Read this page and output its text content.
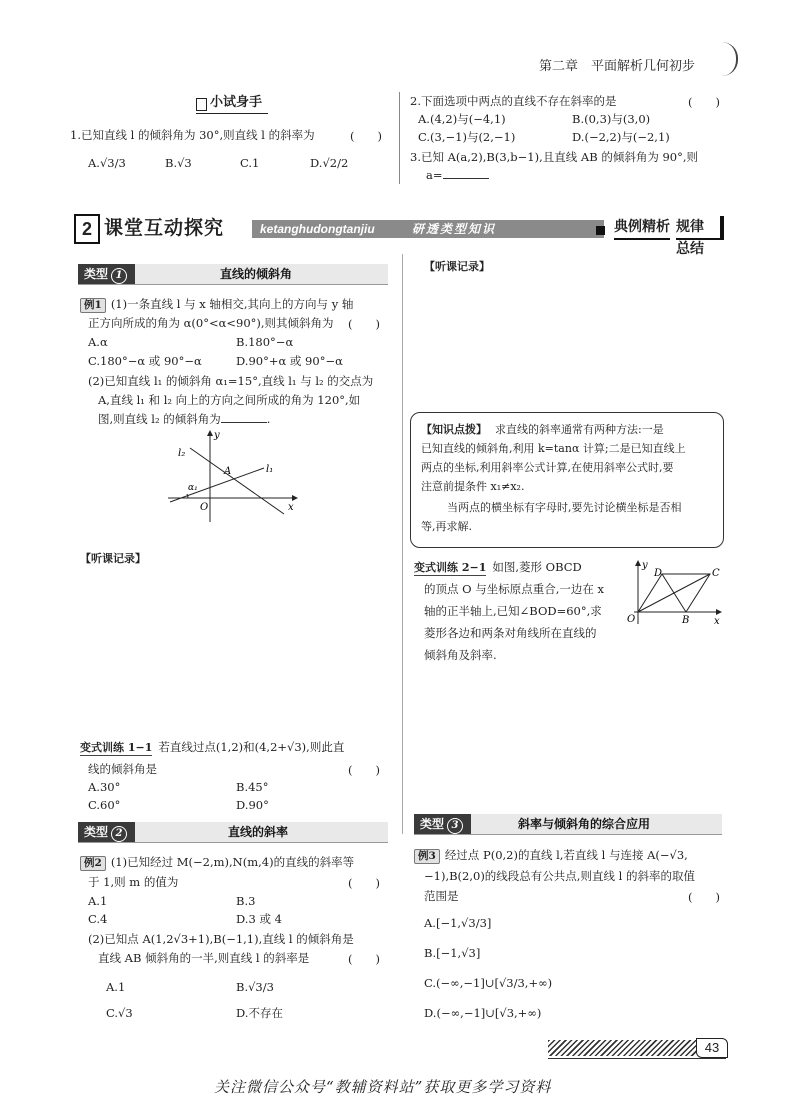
第二章　平面解析几何初步
小试身手
1.已知直线 l 的倾斜角为 30°,则直线 l 的斜率为	(　　)
A.√3/3	B.√3	C.1	D.√2/2
2.下面选项中两点的直线不存在斜率的是	(　　)
A.(4,2)与(−4,1)	B.(0,3)与(3,0)
C.(3,−1)与(2,−1)	D.(−2,2)与(−2,1)
3.已知 A(a,2),B(3,b−1),且直线 AB 的倾斜角为 90°,则
a=
2 课堂互动探究	ketanghudongtanjiu	研透类型知识	典例精析 规律总结
类型 1	直线的倾斜角
例1 (1)一条直线 l 与 x 轴相交,其向上的方向与 y 轴
正方向所成的角为 α(0°<α<90°),则其倾斜角为 (　　)
A.α	B.180°−α
C.180°−α 或 90°−α	D.90°+α 或 90°−α
(2)已知直线 l₁ 的倾斜角 α₁=15°,直线 l₁ 与 l₂ 的交点为
A,直线 l₁ 和 l₂ 向上的方向之间所成的角为 120°,如
图,则直线 l₂ 的倾斜角为	.
y
x
O
A	l₁
l₂
α₁
【听课记录】
变式训练 1−1 若直线过点(1,2)和(4,2+√3),则此直
线的倾斜角是	(　　)
A.30°	B.45°
C.60°	D.90°
类型 2	直线的斜率
例2 (1)已知经过 M(−2,m),N(m,4)的直线的斜率等
于 1,则 m 的值为	(　　)
A.1	B.3
C.4	D.3 或 4
(2)已知点 A(1,2√3+1),B(−1,1),直线 l 的倾斜角是
直线 AB 倾斜角的一半,则直线 l 的斜率是	(　　)
A.1	B.√3/3
C.√3	D.不存在
【听课记录】
【知识点拨】 求直线的斜率通常有两种方法:一是
已知直线的倾斜角,利用 k=tanα 计算;二是已知直线上
两点的坐标,利用斜率公式计算,在使用斜率公式时,要
注意前提条件 x₁≠x₂.
当两点的横坐标有字母时,要先讨论横坐标是否相
等,再求解.
变式训练 2−1 如图,菱形 OBCD
的顶点 O 与坐标原点重合,一边在 x
轴的正半轴上,已知∠BOD=60°,求
菱形各边和两条对角线所在直线的
倾斜角及斜率.
y
x
O	B
C
D
类型 3	斜率与倾斜角的综合应用
例3 经过点 P(0,2)的直线 l,若直线 l 与连接 A(−√3,
−1),B(2,0)的线段总有公共点,则直线 l 的斜率的取值
范围是	(　　)
A.[−1,√3/3]
B.[−1,√3]
C.(−∞,−1]∪[√3/3,+∞)
D.(−∞,−1]∪[√3,+∞)
43
关注微信公众号“教辅资料站”获取更多学习资料
